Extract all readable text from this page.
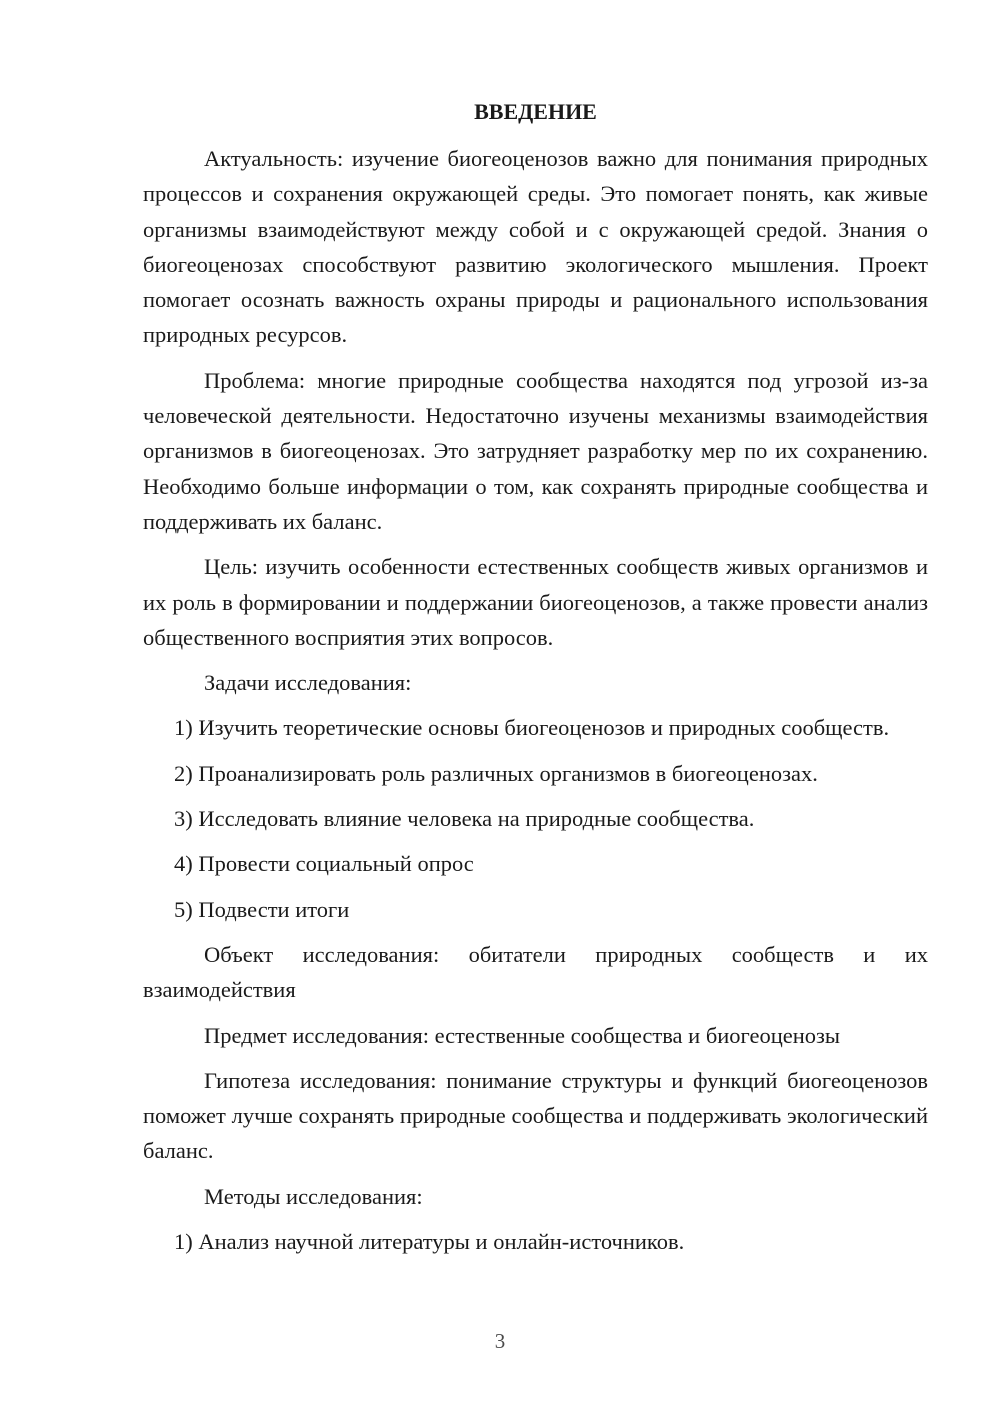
ВВЕДЕНИЕ

Актуальность: изучение биогеоценозов важно для понимания природных процессов и сохранения окружающей среды. Это помогает понять, как живые организмы взаимодействуют между собой и с окружающей средой. Знания о биогеоценозах способствуют развитию экологического мышления. Проект помогает осознать важность охраны природы и рационального использования природных ресурсов.

Проблема: многие природные сообщества находятся под угрозой из-за человеческой деятельности. Недостаточно изучены механизмы взаимодействия организмов в биогеоценозах. Это затрудняет разработку мер по их сохранению. Необходимо больше информации о том, как сохранять природные сообщества и поддерживать их баланс.

Цель: изучить особенности естественных сообществ живых организмов и их роль в формировании и поддержании биогеоценозов, а также провести анализ общественного восприятия этих вопросов.

Задачи исследования:

1) Изучить теоретические основы биогеоценозов и природных сообществ.

2) Проанализировать роль различных организмов в биогеоценозах.

3) Исследовать влияние человека на природные сообщества.

4) Провести социальный опрос

5) Подвести итоги

Объект исследования: обитатели природных сообществ и их взаимодействия

Предмет исследования: естественные сообщества и биогеоценозы

Гипотеза исследования: понимание структуры и функций биогеоценозов поможет лучше сохранять природные сообщества и поддерживать экологический баланс.

Методы исследования:

1) Анализ научной литературы и онлайн-источников.

3
